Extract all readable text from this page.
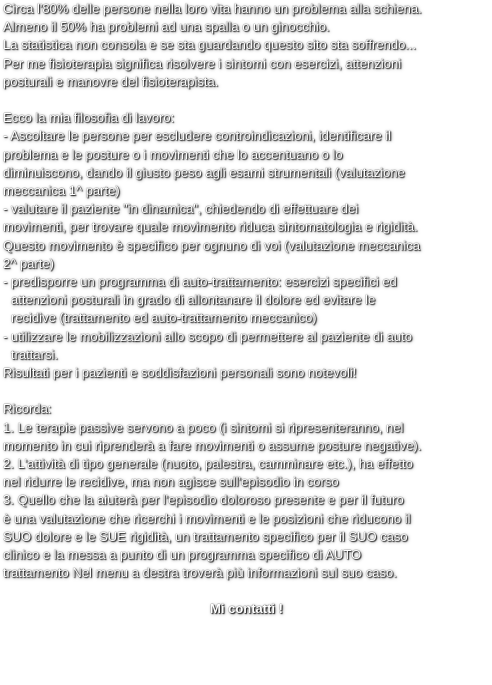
Circa l'80% delle persone nella loro vita hanno un problema alla schiena.
Almeno il 50% ha problemi ad una spalla o un ginocchio.
La statistica non consola e se sta guardando questo sito sta soffrendo...
Per me fisioterapia significa risolvere i sintomi con esercizi, attenzioni
posturali e manovre del fisioterapista.
Ecco la mia filosofia di lavoro:
- Ascoltare le persone per escludere controindicazioni, identificare il
problema e le posture o i movimenti che lo accentuano o lo
diminuiscono, dando il giusto peso agli esami strumentali (valutazione
meccanica 1^ parte)
- valutare il paziente "in dinamica", chiedendo di effettuare dei
movimenti, per trovare quale movimento riduca sintomatologia e rigidità.
Questo movimento è specifico per ognuno di voi (valutazione meccanica
2^ parte)
- predisporre un programma di auto-trattamento: esercizi specifici ed
attenzioni posturali in grado di allontanare il dolore ed evitare le
recidive (trattamento ed auto-trattamento meccanico)
- utilizzare le mobilizzazioni allo scopo di permettere al paziente di auto
trattarsi.
Risultati per i pazienti e soddisfazioni personali sono notevoli!
Ricorda:
1. Le terapie passive servono a poco (i sintomi si ripresenteranno, nel
momento in cui riprenderà a fare movimenti o assume posture negative).
2. L'attività di tipo generale (nuoto, palestra, camminare etc.), ha effetto
nel ridurre le recidive, ma non agisce sull'episodio in corso
3. Quello che la aiuterà per l'episodio doloroso presente e per il futuro
è una valutazione che ricerchi i movimenti e le posizioni che riducono il
SUO dolore e le SUE rigidità, un trattamento specifico per il SUO caso
clinico e la messa a punto di un programma specifico di AUTO
trattamento Nel menu a destra troverà più informazioni sul suo caso.
Mi contatti !
